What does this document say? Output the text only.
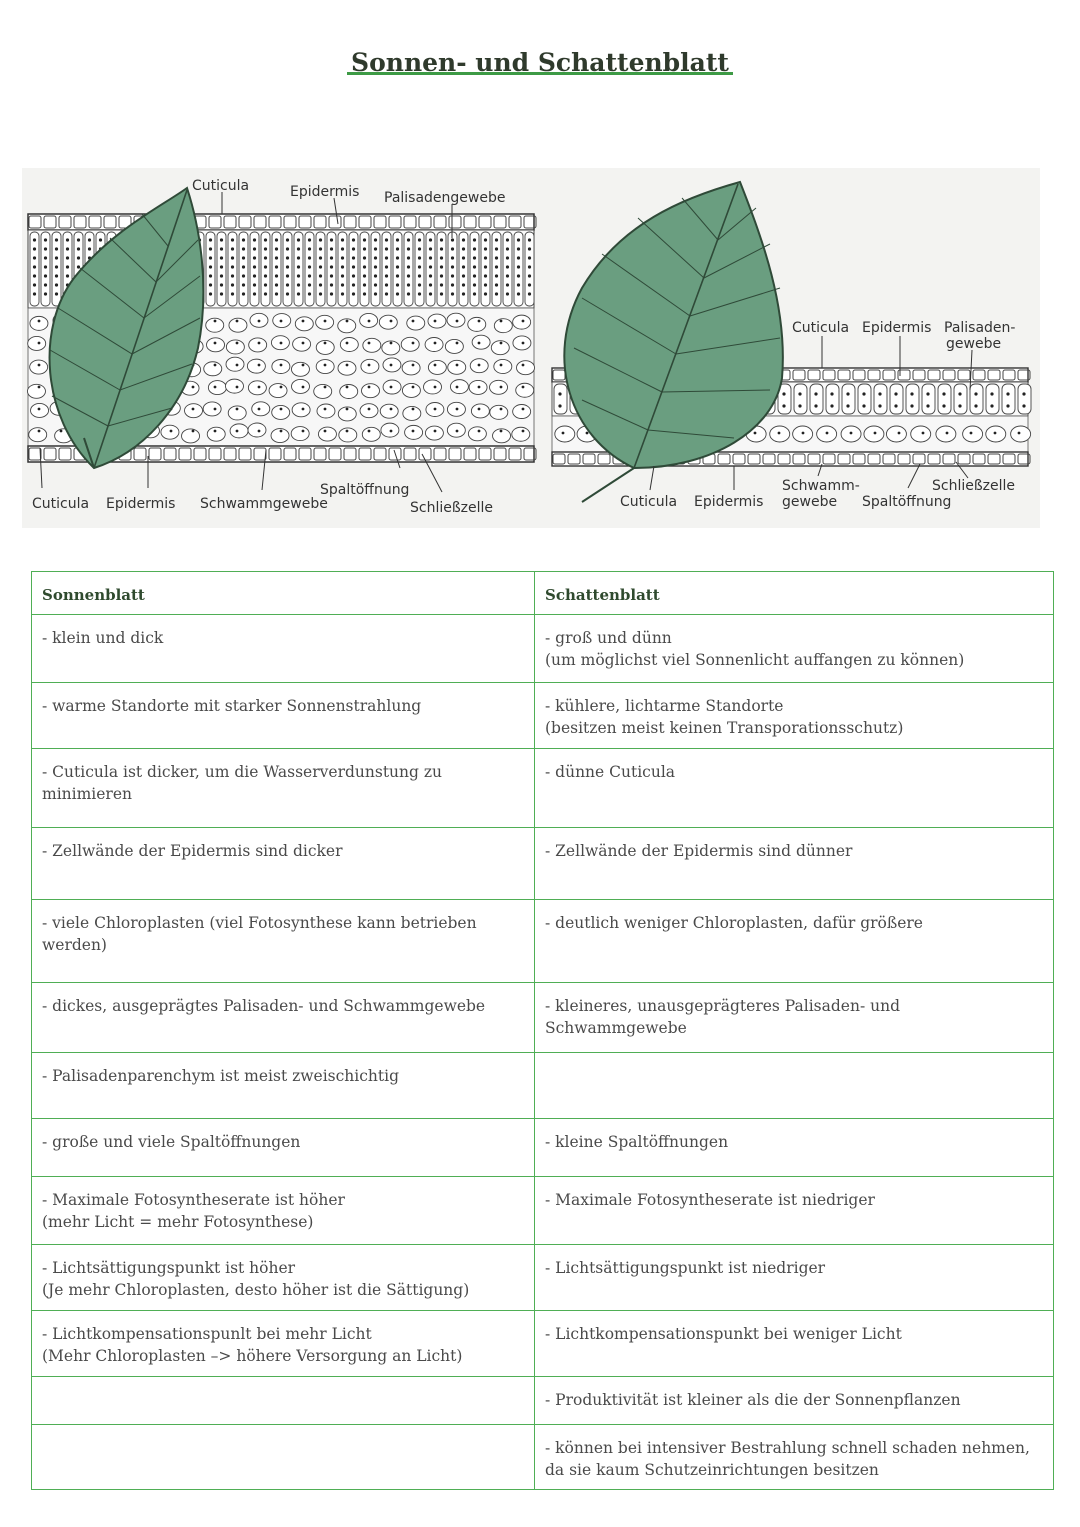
Sonnen- und Schattenblatt
Cuticula	Epidermis Palisadengewebe
Cuticula Epidermis Schwammgewebe
Spaltöffnung
Schließzelle
Cuticula Epidermis Palisaden-
gewebe
Cuticula Epidermis
Schwamm-
gewebe
Schließzelle
Spaltöffnung
Sonnenblatt	Schattenblatt

- klein und dick	- groß und dünn
(um möglichst viel Sonnenlicht auffangen zu können)

- warme Standorte mit starker Sonnenstrahlung	- kühlere, lichtarme Standorte
(besitzen meist keinen Transporationsschutz)

- Cuticula ist dicker, um die Wasserverdunstung zu
minimieren	- dünne Cuticula

- Zellwände der Epidermis sind dicker	- Zellwände der Epidermis sind dünner

- viele Chloroplasten (viel Fotosynthese kann betrieben
werden)	- deutlich weniger Chloroplasten, dafür größere

- dickes, ausgeprägtes Palisaden- und Schwammgewebe	- kleineres, unausgeprägteres Palisaden- und Schwammgewebe

- Palisadenparenchym ist meist zweischichtig	

- große und viele Spaltöffnungen	- kleine Spaltöffnungen

- Maximale Fotosyntheserate ist höher
(mehr Licht = mehr Fotosynthese)	- Maximale Fotosyntheserate ist niedriger

- Lichtsättigungspunkt ist höher
(Je mehr Chloroplasten, desto höher ist die Sättigung)	- Lichtsättigungspunkt ist niedriger

- Lichtkompensationspunlt bei mehr Licht
(Mehr Chloroplasten –> höhere Versorgung an Licht)	- Lichtkompensationspunkt bei weniger Licht

	- Produktivität ist kleiner als die der Sonnenpflanzen

	- können bei intensiver Bestrahlung schnell schaden nehmen,
da sie kaum Schutzeinrichtungen besitzen
